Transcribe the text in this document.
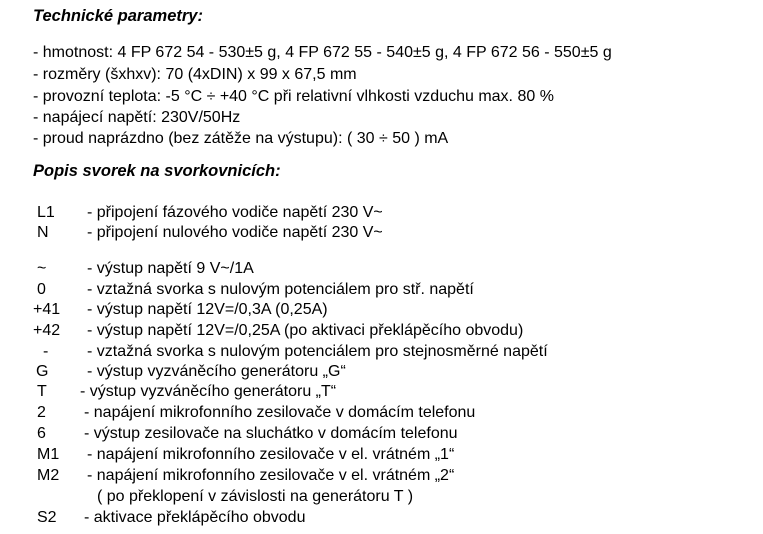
Technické parametry:
- hmotnost: 4 FP 672 54 - 530±5 g, 4 FP 672 55 - 540±5 g, 4 FP 672 56 - 550±5 g
- rozměry (šxhxv): 70 (4xDIN) x 99 x 67,5 mm
- provozní teplota: -5 °C ÷ +40 °C při relativní vlhkosti vzduchu max. 80 %
- napájecí napětí: 230V/50Hz
- proud naprázdno (bez zátěže na výstupu): ( 30 ÷ 50 ) mA
Popis svorek na svorkovnicích:
L1 - připojení fázového vodiče napětí 230 V~
N - připojení nulového vodiče napětí 230 V~
~	- výstup napětí 9 V~/1A
0	- vztažná svorka s nulovým potenciálem pro stř. napětí
+41 - výstup napětí 12V=/0,3A (0,25A)
+42 - výstup napětí 12V=/0,25A (po aktivaci překlápěcího obvodu)
- - vztažná svorka s nulovým potenciálem pro stejnosměrné napětí
G - výstup vyzváněcího generátoru „G“
T - výstup vyzváněcího generátoru „T“
2 - napájení mikrofonního zesilovače v domácím telefonu
6 - výstup zesilovače na sluchátko v domácím telefonu
M1 - napájení mikrofonního zesilovače v el. vrátném „1“
M2 - napájení mikrofonního zesilovače v el. vrátném „2“
( po překlopení v závislosti na generátoru T )
S2 - aktivace překlápěcího obvodu
